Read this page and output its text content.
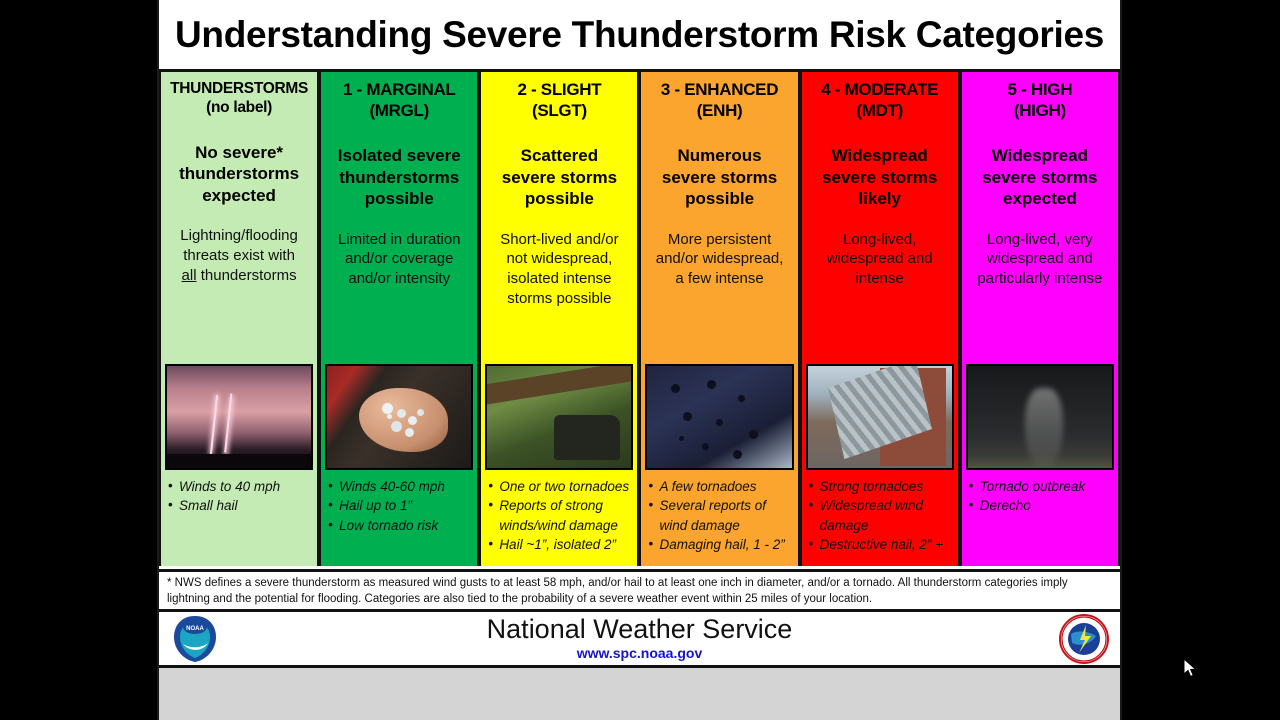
Understanding Severe Thunderstorm Risk Categories
THUNDERSTORMS
(no label)
No severe*
thunderstorms
expected
Lightning/flooding
threats exist with
all thunderstorms
1 - MARGINAL
(MRGL)
Isolated severe
thunderstorms
possible
Limited in duration
and/or coverage
and/or intensity
2 - SLIGHT
(SLGT)
Scattered
severe storms
possible
Short-lived and/or
not widespread,
isolated intense
storms possible
3 - ENHANCED
(ENH)
Numerous
severe storms
possible
More persistent
and/or widespread,
a few intense
4 - MODERATE
(MDT)
Widespread
severe storms
likely
Long-lived,
widespread and
intense
5 - HIGH
(HIGH)
Widespread
severe storms
expected
Long-lived, very
widespread and
particularly intense
• Winds to 40 mph
• Small hail
• Winds 40-60 mph
• Hail up to 1”
• Low tornado risk
• One or two tornadoes
• Reports of strong winds/wind damage
• Hail ~1”, isolated 2”
• A few tornadoes
• Several reports of wind damage
• Damaging hail, 1 - 2”
• Strong tornadoes
• Widespread wind damage
• Destructive hail, 2” +
• Tornado outbreak
• Derecho
* NWS defines a severe thunderstorm as measured wind gusts to at least 58 mph, and/or hail to at least one inch in diameter, and/or a tornado. All thunderstorm categories imply lightning and the potential for flooding. Categories are also tied to the probability of a severe weather event within 25 miles of your location.
NOAA	National Weather Service
www.spc.noaa.gov
